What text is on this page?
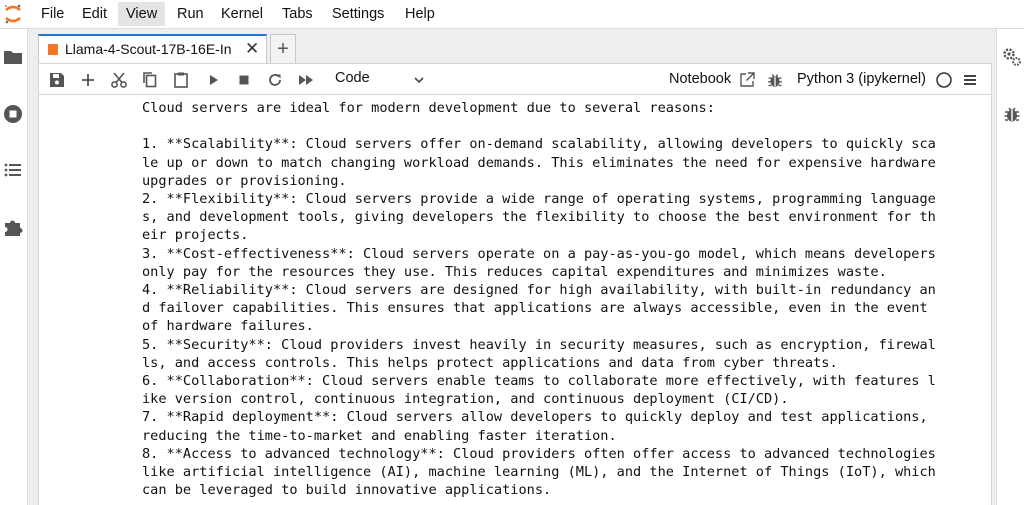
File	Edit	View	Run	Kernel	Tabs	Settings	Help
Llama-4-Scout-17B-16E-In ✕ +
Code	Notebook	Python 3 (ipykernel)
Cloud servers are ideal for modern development due to several reasons:

1. **Scalability**: Cloud servers offer on-demand scalability, allowing developers to quickly sca
le up or down to match changing workload demands. This eliminates the need for expensive hardware
upgrades or provisioning.
2. **Flexibility**: Cloud servers provide a wide range of operating systems, programming language
s, and development tools, giving developers the flexibility to choose the best environment for th
eir projects.
3. **Cost-effectiveness**: Cloud servers operate on a pay-as-you-go model, which means developers
only pay for the resources they use. This reduces capital expenditures and minimizes waste.
4. **Reliability**: Cloud servers are designed for high availability, with built-in redundancy an
d failover capabilities. This ensures that applications are always accessible, even in the event
of hardware failures.
5. **Security**: Cloud providers invest heavily in security measures, such as encryption, firewal
ls, and access controls. This helps protect applications and data from cyber threats.
6. **Collaboration**: Cloud servers enable teams to collaborate more effectively, with features l
ike version control, continuous integration, and continuous deployment (CI/CD).
7. **Rapid deployment**: Cloud servers allow developers to quickly deploy and test applications,
reducing the time-to-market and enabling faster iteration.
8. **Access to advanced technology**: Cloud providers often offer access to advanced technologies
like artificial intelligence (AI), machine learning (ML), and the Internet of Things (IoT), which
can be leveraged to build innovative applications.
